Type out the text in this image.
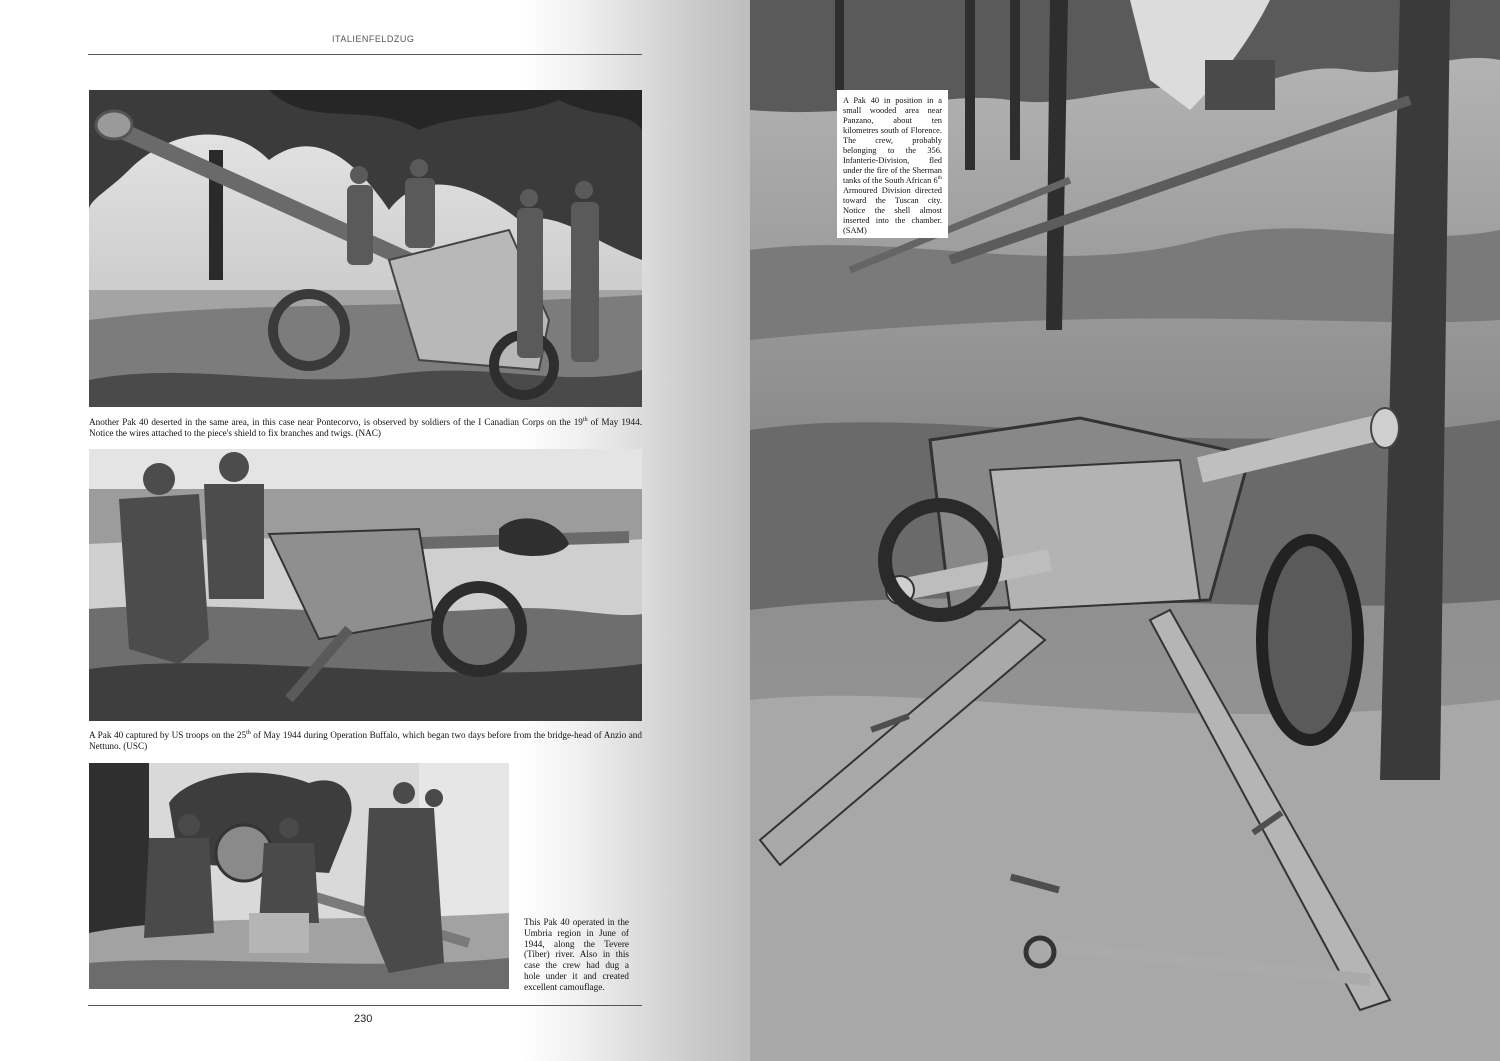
ITALIENFELDZUG
Another Pak 40 deserted in the same area, in this case near Pontecorvo, is observed by soldiers of the I Canadian Corps on the 19th of May 1944. Notice the wires attached to the piece's shield to fix branches and twigs. (NAC)
A Pak 40 captured by US troops on the 25th of May 1944 during Operation Buffalo, which began two days before from the bridge-head of Anzio and Nettuno. (USC)
This Pak 40 operated in the Umbria region in June of 1944, along the Tevere (Tiber) river. Also in this case the crew had dug a hole under it and created excellent camouflage.
230

A Pak 40 in position in a small wooded area near Panzano, about ten kilometres south of Florence. The crew, probably belonging to the 356. Infanterie-Division, fled under the fire of the Sherman tanks of the South African 6th Armoured Division directed toward the Tuscan city. Notice the shell almost inserted into the chamber. (SAM)
